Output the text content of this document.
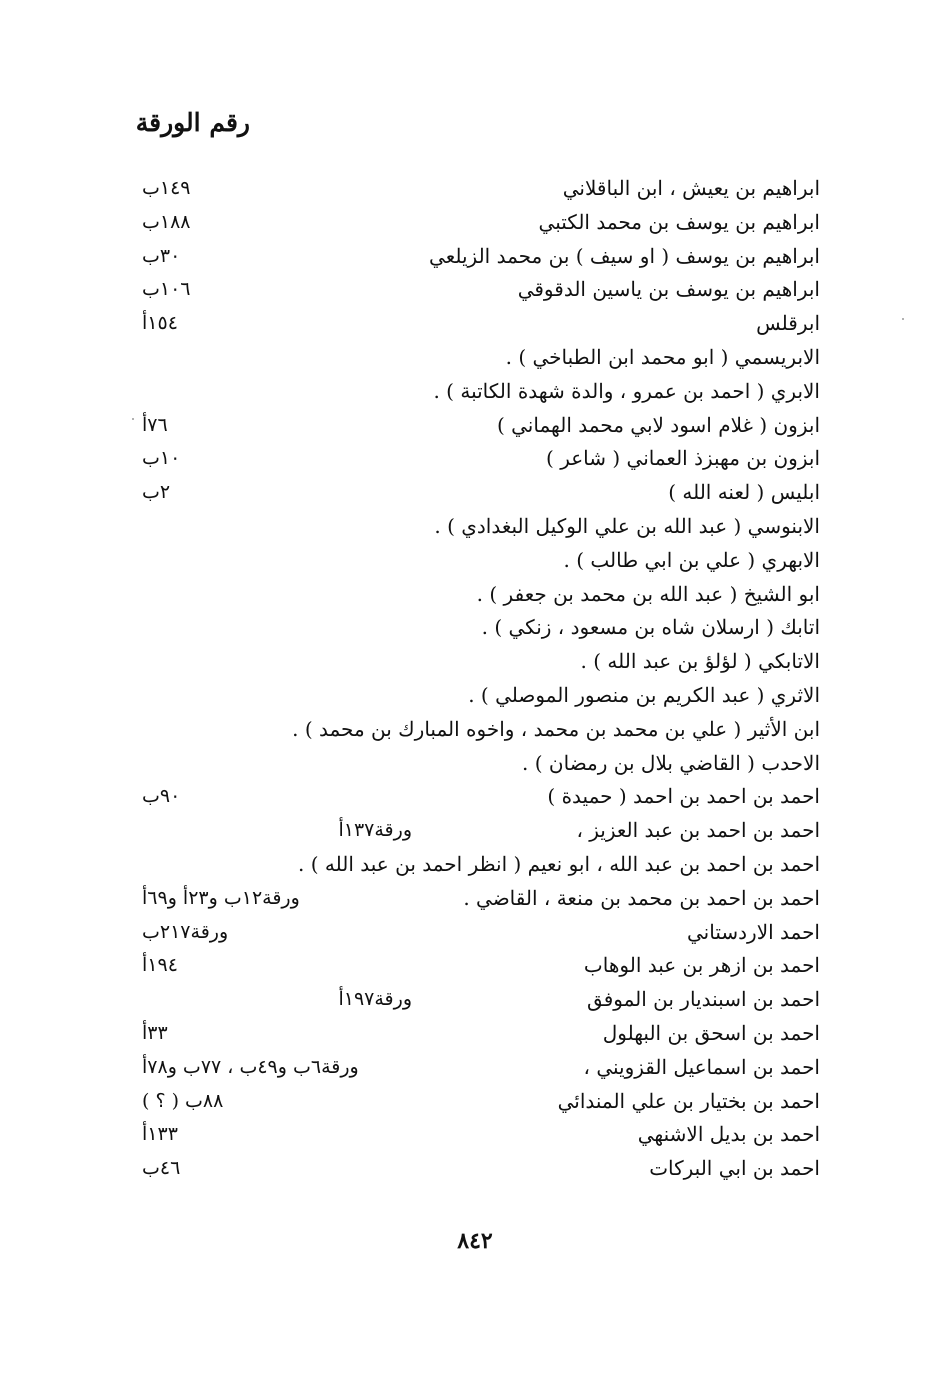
رقم الورقة
ابراهيم بن يعيش ، ابن الباقلاني
١٤٩ب
ابراهيم بن يوسف بن محمد الكتبي
١٨٨ب
ابراهيم بن يوسف ( او سيف ) بن محمد الزيلعي
٣٠ب
ابراهيم بن يوسف بن ياسين الدقوقي
١٠٦ب
ابرقلس
١٥٤أ
الابريسمي ( ابو محمد ابن الطباخي ) .
الابري ( احمد بن عمرو ، والدة شهدة الكاتبة ) .
ابزون ( غلام اسود لابي محمد الهماني )
٧٦أ
ابزون بن مهبزذ العماني ( شاعر )
١٠ب
ابليس ( لعنه الله )
٢ب
الابنوسي ( عبد الله بن علي الوكيل البغدادي ) .
الابهري ( علي بن ابي طالب ) .
ابو الشيخ ( عبد الله بن محمد بن جعفر ) .
اتابك ( ارسلان شاه بن مسعود ، زنكي ) .
الاتابكي ( لؤلؤ بن عبد الله ) .
الاثري ( عبد الكريم بن منصور الموصلي ) .
ابن الأثير ( علي بن محمد بن محمد ، واخوه المبارك بن محمد ) .
الاحدب ( القاضي بلال بن رمضان ) .
احمد بن احمد بن احمد ( حميدة )
٩٠ب
احمد بن احمد بن عبد العزيز ،
ورقة١٣٧أ
احمد بن احمد بن عبد الله ، ابو نعيم ( انظر احمد بن عبد الله ) .
احمد بن احمد بن محمد بن منعة ، القاضي .
ورقة١٢ب و٢٣أ و٦٩أ
احمد الاردستاني
ورقة٢١٧ب
احمد بن ازهر بن عبد الوهاب
١٩٤أ
احمد بن اسبنديار بن الموفق
ورقة١٩٧أ
احمد بن اسحق بن البهلول
٣٣أ
احمد بن اسماعيل القزويني ،
ورقة٦ب و٤٩ب ، ٧٧ب و٧٨أ
احمد بن بختيار بن علي المندائي
٨٨ب ( ؟ )
احمد بن بديل الاشنهي
١٣٣أ
احمد بن ابي البركات
٤٦ب
٨٤٢
